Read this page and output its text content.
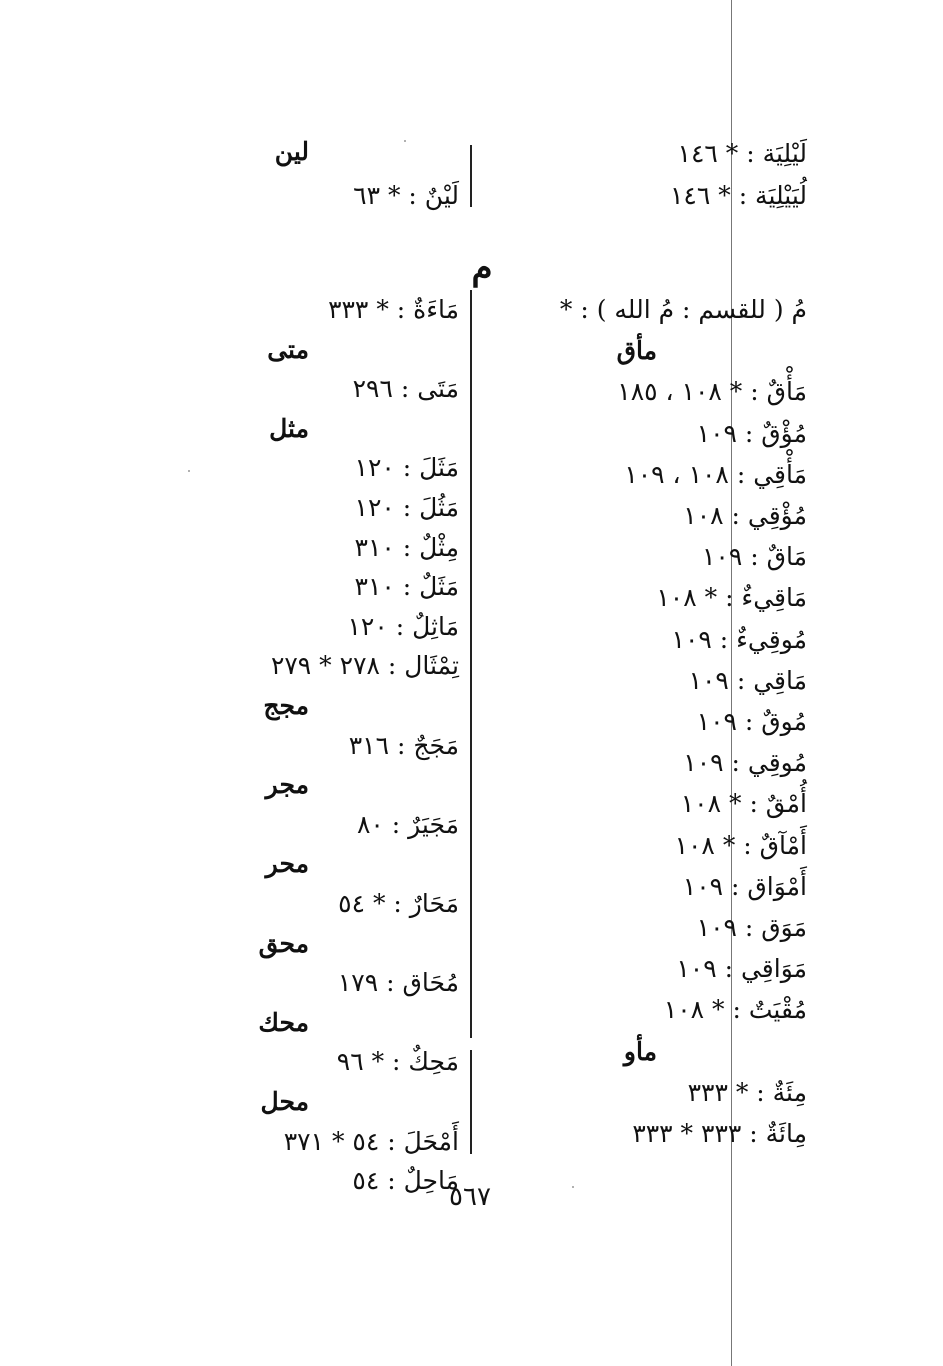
لَيْلِيَة : * ١٤٦
لُيَيْلِيَة : * ١٤٦
لين
لَيْنٌ : * ٦٣
م
مُ ( للقسم : مُ الله ) : *
مأق
مَأْقٌ : * ١٠٨ ، ١٨٥
مُؤْقٌ : ١٠٩
مَأْقِي : ١٠٨ ، ١٠٩
مُؤْقِي : ١٠٨
مَاقٌ : ١٠٩
مَاقِيءٌ : * ١٠٨
مُوقِيءٌ : ١٠٩
مَاقِي : ١٠٩
مُوقٌ : ١٠٩
مُوقِي : ١٠٩
أُمْقٌ : * ١٠٨
أَمْآقٌ : * ١٠٨
أَمْوَاق : ١٠٩
مَوَق : ١٠٩
مَوَاقِي : ١٠٩
مُقْيَتٌ : * ١٠٨
مأو
مِئَةٌ : * ٣٣٣
مِائَةٌ : ٣٣٣ * ٣٣٣
مَاءَةٌ : * ٣٣٣
متى
مَتَى : ٢٩٦
مثل
مَثَلَ : ١٢٠
مَثُلَ : ١٢٠
مِثْلٌ : ٣١٠
مَثَلٌ : ٣١٠
مَاثِلٌ : ١٢٠
تِمْثَال : ٢٧٨ * ٢٧٩
مجج
مَجَجٌ : ٣١٦
مجر
مَجَيَرٌ : ٨٠
محر
مَحَارٌ : * ٥٤
محق
مُحَاق : ١٧٩
محك
مَحِكٌ : * ٩٦
محل
أَمْحَلَ : ٥٤ * ٣٧١
مَاحِلٌ : ٥٤
٥٦٧
